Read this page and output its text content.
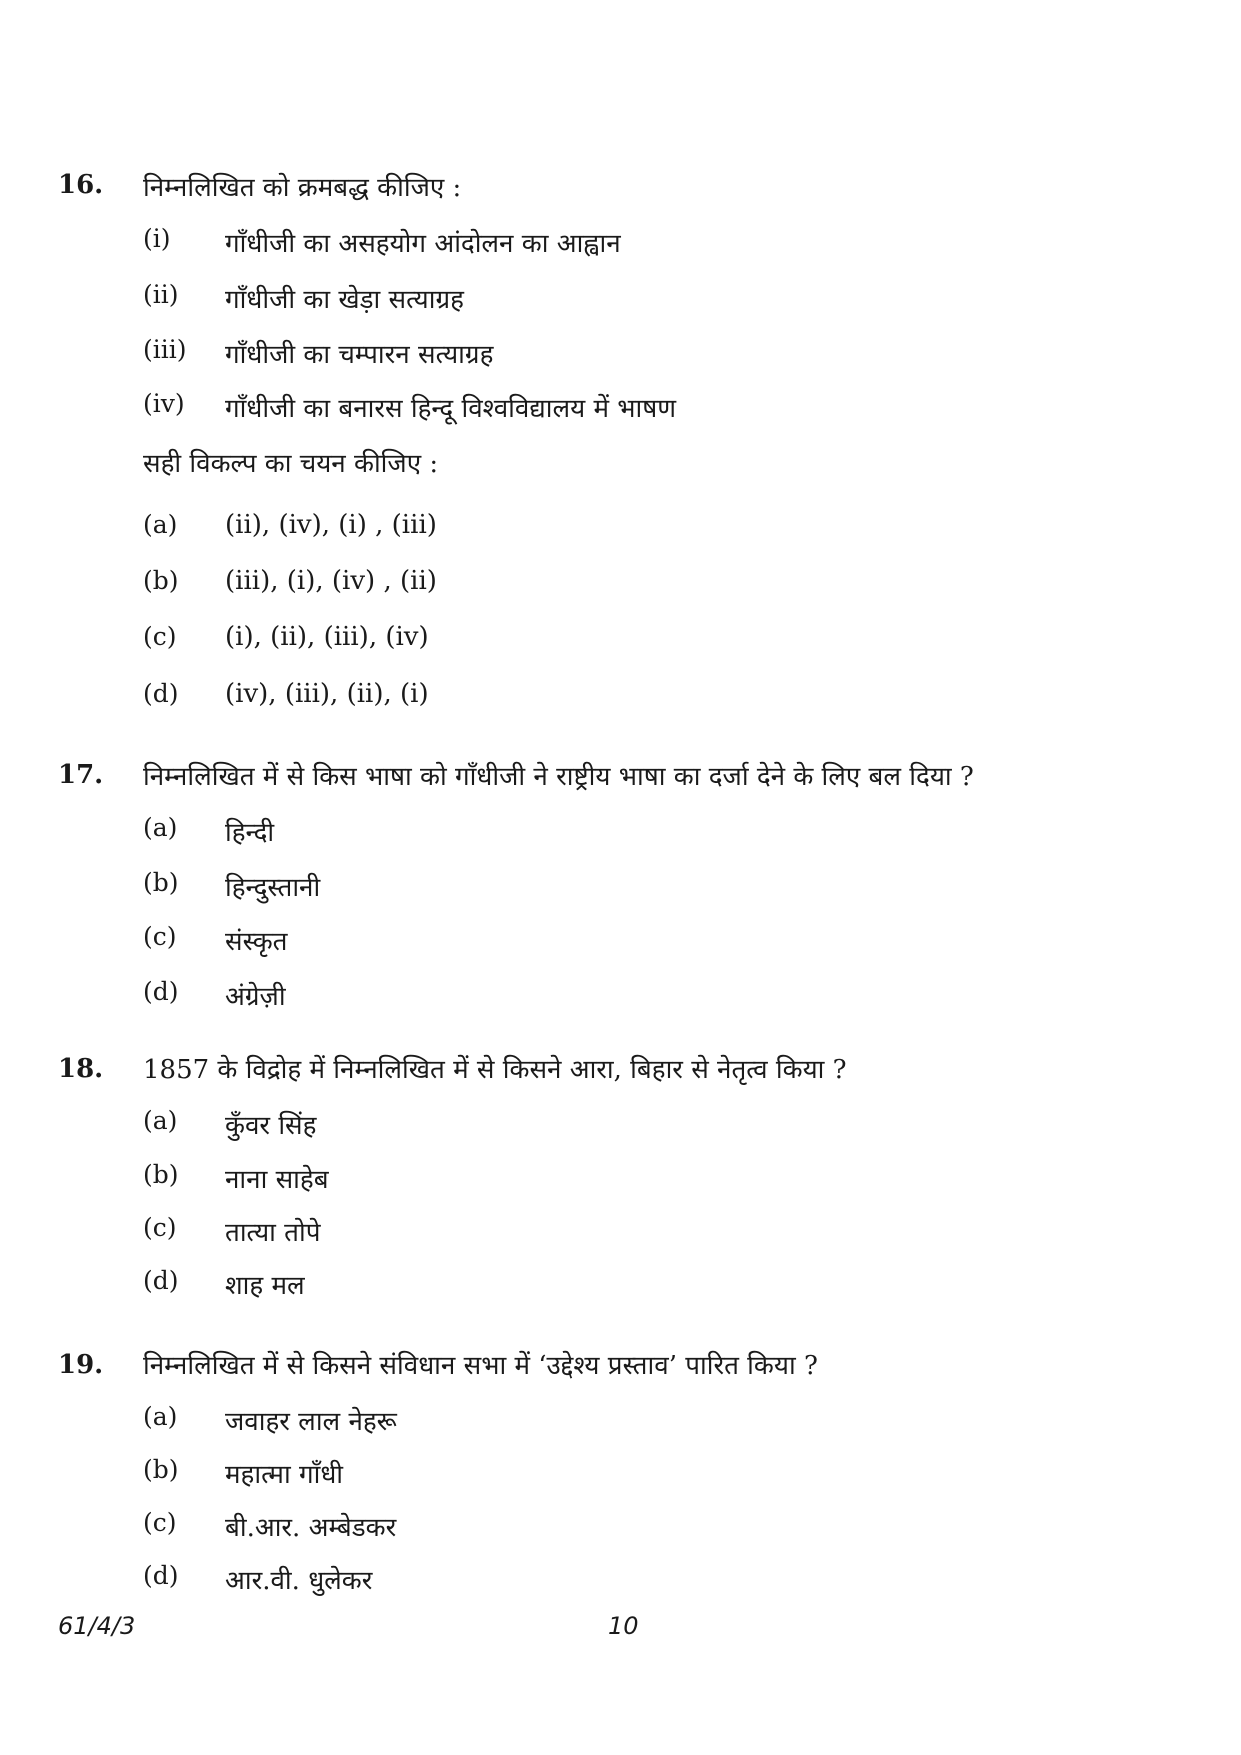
16. निम्नलिखित को क्रमबद्ध कीजिए :
(i) गाँधीजी का असहयोग आंदोलन का आह्वान
(ii) गाँधीजी का खेड़ा सत्याग्रह
(iii) गाँधीजी का चम्पारन सत्याग्रह
(iv) गाँधीजी का बनारस हिन्दू विश्वविद्यालय में भाषण
सही विकल्प का चयन कीजिए :
(a) (ii), (iv), (i) , (iii)
(b) (iii), (i), (iv) , (ii)
(c) (i), (ii), (iii), (iv)
(d) (iv), (iii), (ii), (i)
17. निम्नलिखित में से किस भाषा को गाँधीजी ने राष्ट्रीय भाषा का दर्जा देने के लिए बल दिया ?
(a) हिन्दी
(b) हिन्दुस्तानी
(c) संस्कृत
(d) अंग्रेज़ी
18. 1857 के विद्रोह में निम्नलिखित में से किसने आरा, बिहार से नेतृत्व किया ?
(a) कुँवर सिंह
(b) नाना साहेब
(c) तात्या तोपे
(d) शाह मल
19. निम्नलिखित में से किसने संविधान सभा में ‘उद्देश्य प्रस्ताव’ पारित किया ?
(a) जवाहर लाल नेहरू
(b) महात्मा गाँधी
(c) बी.आर. अम्बेडकर
(d) आर.वी. धुलेकर
61/4/3	10
